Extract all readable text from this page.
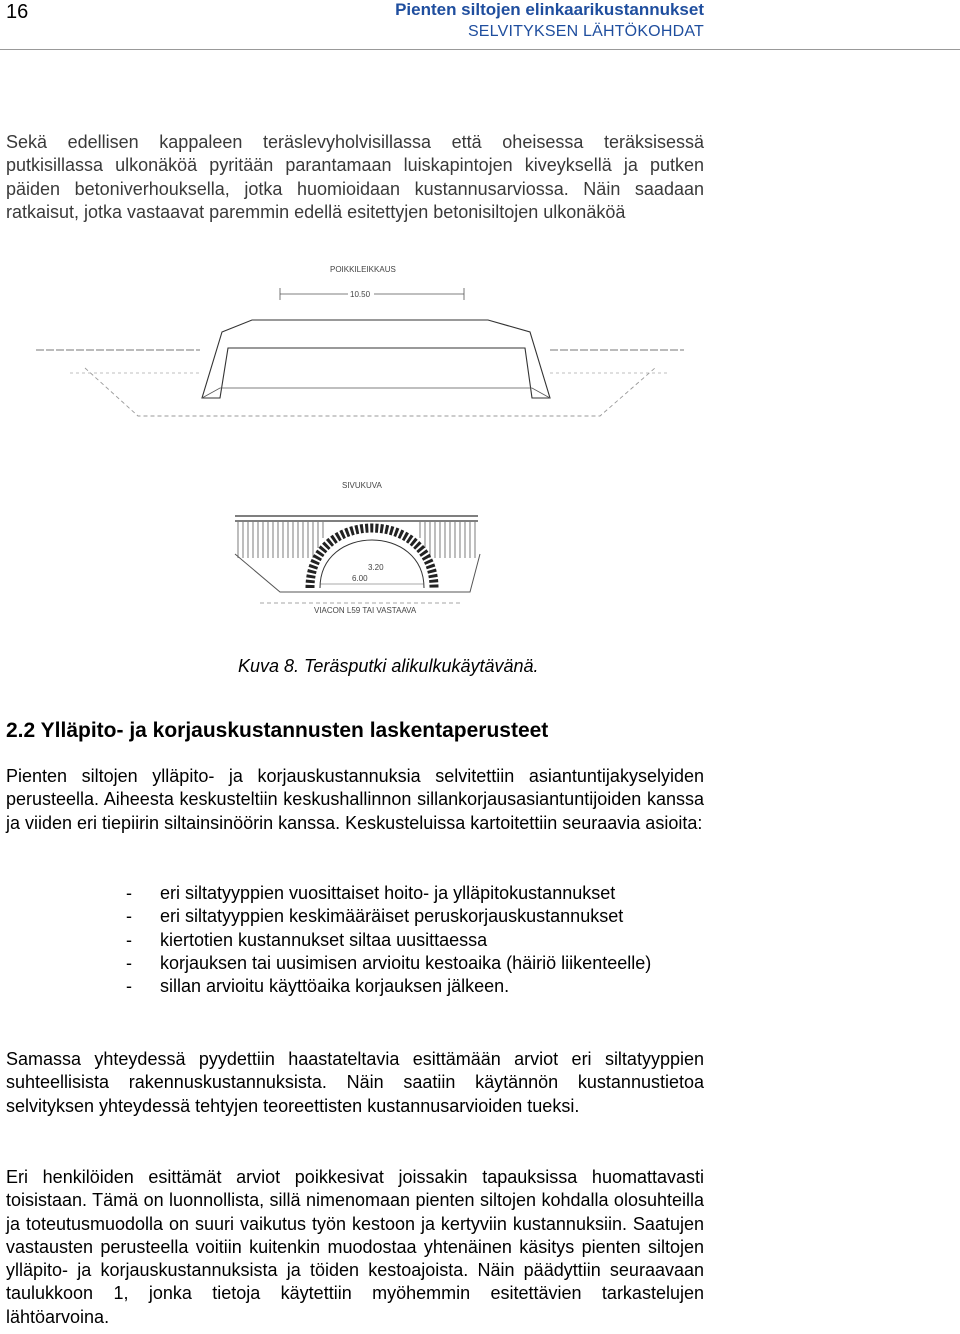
16	Pienten siltojen elinkaarikustannukset
SELVITYKSEN LÄHTÖKOHDAT
Sekä edellisen kappaleen teräslevyholvisillassa että oheisessa teräksisessä putkisillassa ulkonäköä pyritään parantamaan luiskapintojen kiveyksellä ja putken päiden betoniverhouksella, jotka huomioidaan kustannusarviossa. Näin saadaan ratkaisut, jotka vastaavat paremmin edellä esitettyjen betonisiltojen ulkonäköä
POIKKILEIKKAUS
10.50
SIVUKUVA
3.20
6.00
VIACON L59 TAI VASTAAVA
Kuva 8. Teräsputki alikulkukäytävänä.
2.2 Ylläpito- ja korjauskustannusten laskentaperusteet
Pienten siltojen ylläpito- ja korjauskustannuksia selvitettiin asiantuntijakyselyiden perusteella. Aiheesta keskusteltiin keskushallinnon sillankorjausasiantuntijoiden kanssa ja viiden eri tiepiirin siltainsinöörin kanssa. Keskusteluissa kartoitettiin seuraavia asioita:
- eri siltatyyppien vuosittaiset hoito- ja ylläpitokustannukset
- eri siltatyyppien keskimääräiset peruskorjauskustannukset
- kiertotien kustannukset siltaa uusittaessa
- korjauksen tai uusimisen arvioitu kestoaika (häiriö liikenteelle)
- sillan arvioitu käyttöaika korjauksen jälkeen.
Samassa yhteydessä pyydettiin haastateltavia esittämään arviot eri siltatyyppien suhteellisista rakennuskustannuksista. Näin saatiin käytännön kustannustietoa selvityksen yhteydessä tehtyjen teoreettisten kustannusarvioiden tueksi.
Eri henkilöiden esittämät arviot poikkesivat joissakin tapauksissa huomattavasti toisistaan. Tämä on luonnollista, sillä nimenomaan pienten siltojen kohdalla olosuhteilla ja toteutusmuodolla on suuri vaikutus työn kestoon ja kertyviin kustannuksiin. Saatujen vastausten perusteella voitiin kuitenkin muodostaa yhtenäinen käsitys pienten siltojen ylläpito- ja korjauskustannuksista ja töiden kestoajoista. Näin päädyttiin seuraavaan taulukkoon 1, jonka tietoja käytettiin myöhemmin esitettävien tarkastelujen lähtöarvoina.
